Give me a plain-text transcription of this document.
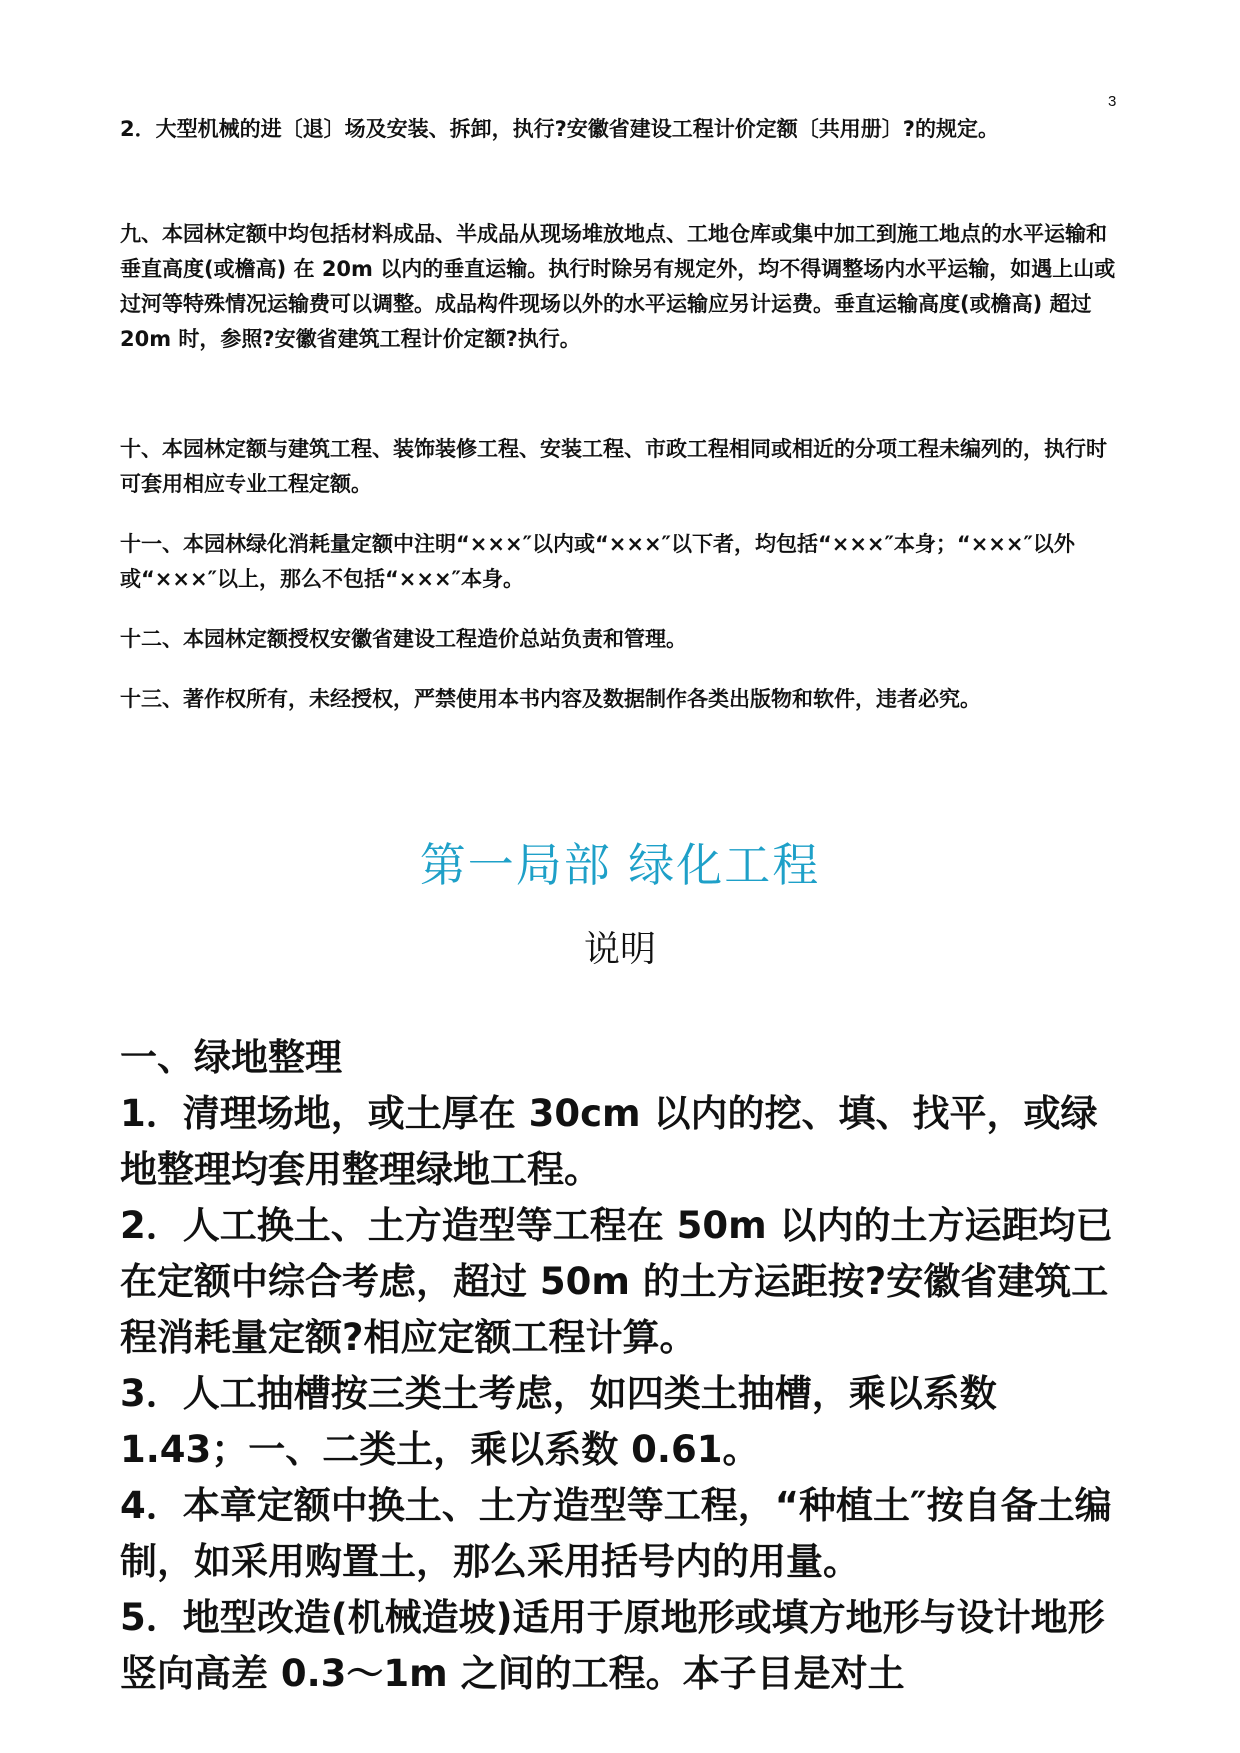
3

2．大型机械的进〔退〕场及安装、拆卸，执行?安徽省建设工程计价定额〔共用册〕?的规定。

九、本园林定额中均包括材料成品、半成品从现场堆放地点、工地仓库或集中加工到施工地点的水平运输和垂直高度(或檐高) 在 20m 以内的垂直运输。执行时除另有规定外，均不得调整场内水平运输，如遇上山或过河等特殊情况运输费可以调整。成品构件现场以外的水平运输应另计运费。垂直运输高度(或檐高) 超过 20m 时，参照?安徽省建筑工程计价定额?执行。

十、本园林定额与建筑工程、装饰装修工程、安装工程、市政工程相同或相近的分项工程未编列的，执行时可套用相应专业工程定额。

十一、本园林绿化消耗量定额中注明“×××″以内或“×××″以下者，均包括“×××″本身；“×××″以外或“×××″以上，那么不包括“×××″本身。

十二、本园林定额授权安徽省建设工程造价总站负责和管理。

十三、著作权所有，未经授权，严禁使用本书内容及数据制作各类出版物和软件，违者必究。

第一局部 绿化工程
说明

一、绿地整理

1．清理场地，或土厚在 30cm 以内的挖、填、找平，或绿地整理均套用整理绿地工程。

2．人工换土、土方造型等工程在 50m 以内的土方运距均已在定额中综合考虑，超过 50m 的土方运距按?安徽省建筑工程消耗量定额?相应定额工程计算。

3．人工抽槽按三类土考虑，如四类土抽槽，乘以系数 1.43；一、二类土，乘以系数 0.61。

4．本章定额中换土、土方造型等工程，“种植土″按自备土编制，如采用购置土，那么采用括号内的用量。

5．地型改造(机械造坡)适用于原地形或填方地形与设计地形竖向高差 0.3～1m 之间的工程。本子目是对土
